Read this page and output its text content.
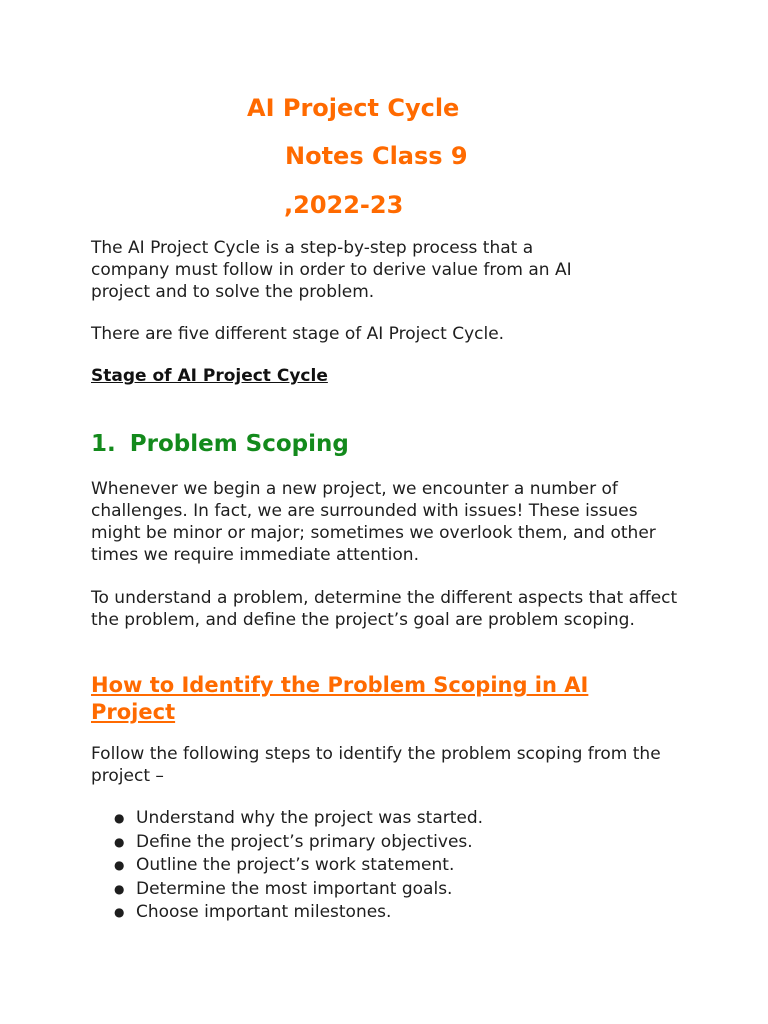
AI Project Cycle
Notes Class 9
,2022-23

The AI Project Cycle is a step-by-step process that a company must follow in order to derive value from an AI project and to solve the problem.

There are five different stage of AI Project Cycle.

Stage of AI Project Cycle
1. Problem Scoping

Whenever we begin a new project, we encounter a number of challenges. In fact, we are surrounded with issues! These issues might be minor or major; sometimes we overlook them, and other times we require immediate attention.

To understand a problem, determine the different aspects that affect the problem, and define the project’s goal are problem scoping.

How to Identify the Problem Scoping in AI Project

Follow the following steps to identify the problem scoping from the project –

● Understand why the project was started.
● Define the project’s primary objectives.
● Outline the project’s work statement.
● Determine the most important goals.
● Choose important milestones.
